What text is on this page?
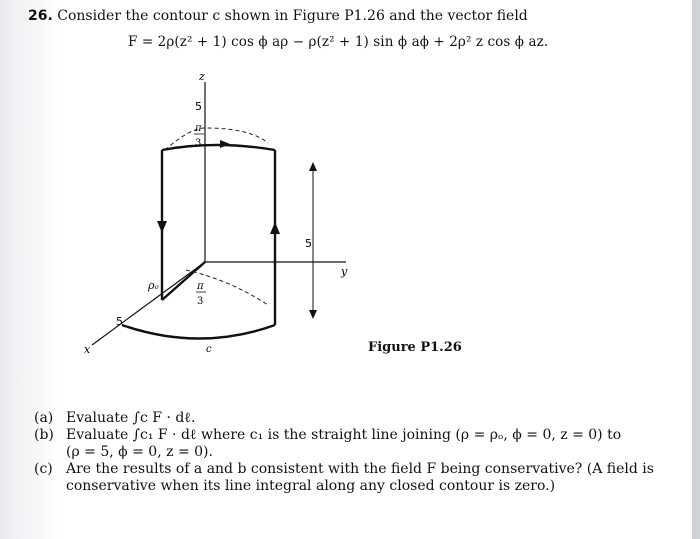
26. Consider the contour c shown in Figure P1.26 and the vector field
F = 2ρ(z² + 1) cos ϕ aρ − ρ(z² + 1) sin ϕ aϕ + 2ρ² z cos ϕ az.
z
y
x
5
5
π
3
π
3
ρₒ
5
c	Figure P1.26
(a) Evaluate ∫c F · dℓ.
(b) Evaluate ∫c₁ F · dℓ where c₁ is the straight line joining (ρ = ρₒ, ϕ = 0, z = 0) to
(ρ = 5, ϕ = 0, z = 0).
(c) Are the results of a and b consistent with the field F being conservative? (A field is conservative when its line integral along any closed contour is zero.)
